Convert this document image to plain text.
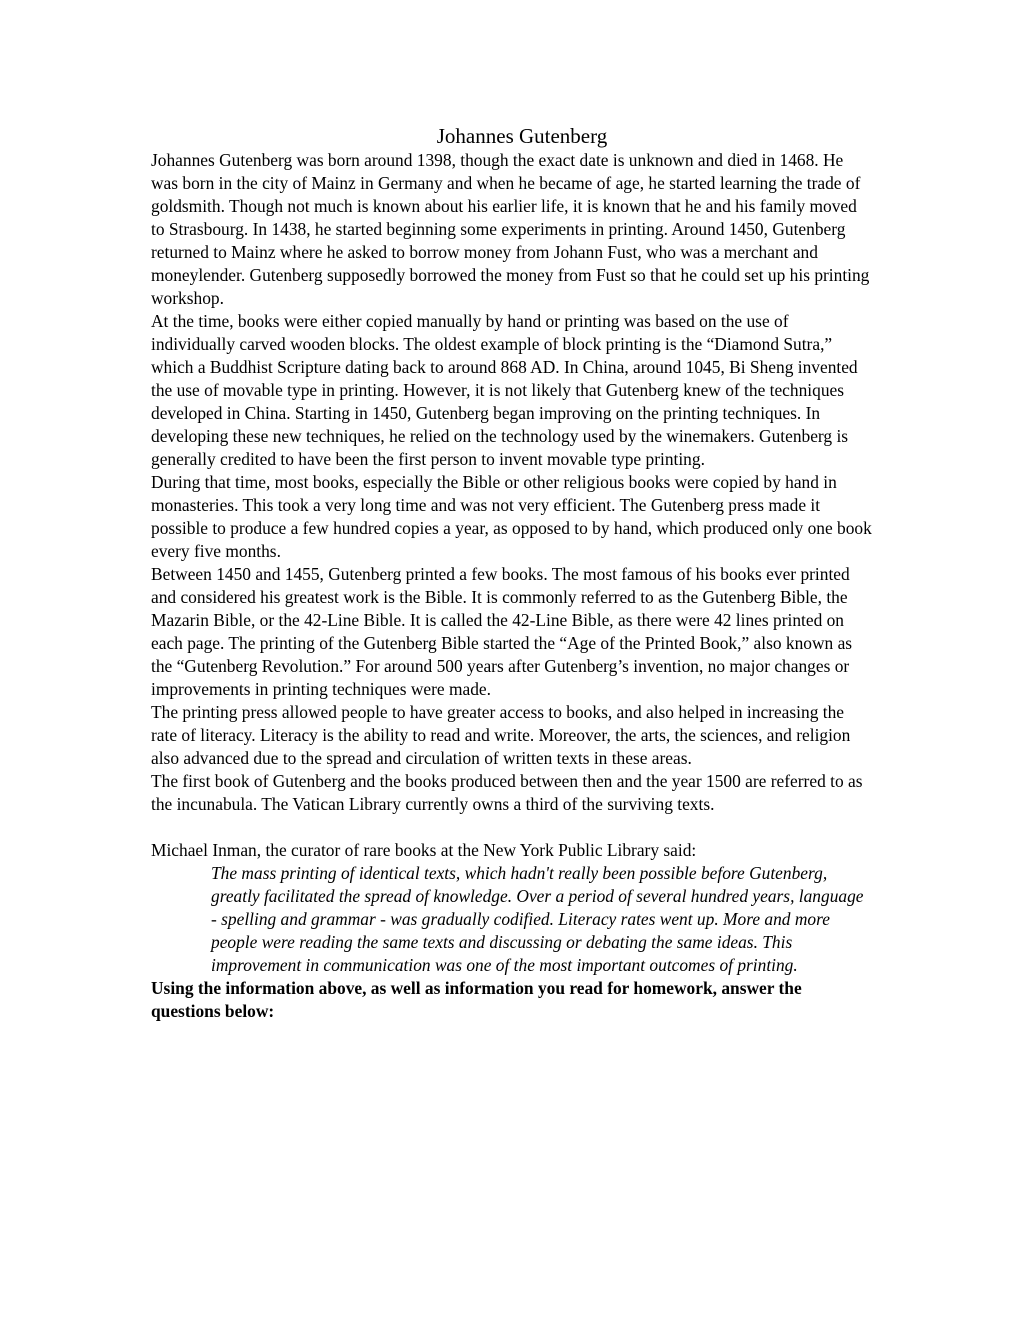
Johannes Gutenberg

Johannes Gutenberg was born around 1398, though the exact date is unknown and died in 1468. He was born in the city of Mainz in Germany and when he became of age, he started learning the trade of goldsmith. Though not much is known about his earlier life, it is known that he and his family moved to Strasbourg. In 1438, he started beginning some experiments in printing. Around 1450, Gutenberg returned to Mainz where he asked to borrow money from Johann Fust, who was a merchant and moneylender. Gutenberg supposedly borrowed the money from Fust so that he could set up his printing workshop.

At the time, books were either copied manually by hand or printing was based on the use of individually carved wooden blocks. The oldest example of block printing is the “Diamond Sutra,” which a Buddhist Scripture dating back to around 868 AD. In China, around 1045, Bi Sheng invented the use of movable type in printing. However, it is not likely that Gutenberg knew of the techniques developed in China. Starting in 1450, Gutenberg began improving on the printing techniques. In developing these new techniques, he relied on the technology used by the winemakers. Gutenberg is generally credited to have been the first person to invent movable type printing.

During that time, most books, especially the Bible or other religious books were copied by hand in monasteries. This took a very long time and was not very efficient. The Gutenberg press made it possible to produce a few hundred copies a year, as opposed to by hand, which produced only one book every five months.

Between 1450 and 1455, Gutenberg printed a few books. The most famous of his books ever printed and considered his greatest work is the Bible. It is commonly referred to as the Gutenberg Bible, the Mazarin Bible, or the 42-Line Bible. It is called the 42-Line Bible, as there were 42 lines printed on each page. The printing of the Gutenberg Bible started the “Age of the Printed Book,” also known as the “Gutenberg Revolution.” For around 500 years after Gutenberg’s invention, no major changes or improvements in printing techniques were made.

The printing press allowed people to have greater access to books, and also helped in increasing the rate of literacy. Literacy is the ability to read and write. Moreover, the arts, the sciences, and religion also advanced due to the spread and circulation of written texts in these areas.

The first book of Gutenberg and the books produced between then and the year 1500 are referred to as the incunabula. The Vatican Library currently owns a third of the surviving texts.

Michael Inman, the curator of rare books at the New York Public Library said:

The mass printing of identical texts, which hadn't really been possible before Gutenberg, greatly facilitated the spread of knowledge. Over a period of several hundred years, language - spelling and grammar - was gradually codified. Literacy rates went up. More and more people were reading the same texts and discussing or debating the same ideas. This improvement in communication was one of the most important outcomes of printing.

Using the information above, as well as information you read for homework, answer the questions below:
